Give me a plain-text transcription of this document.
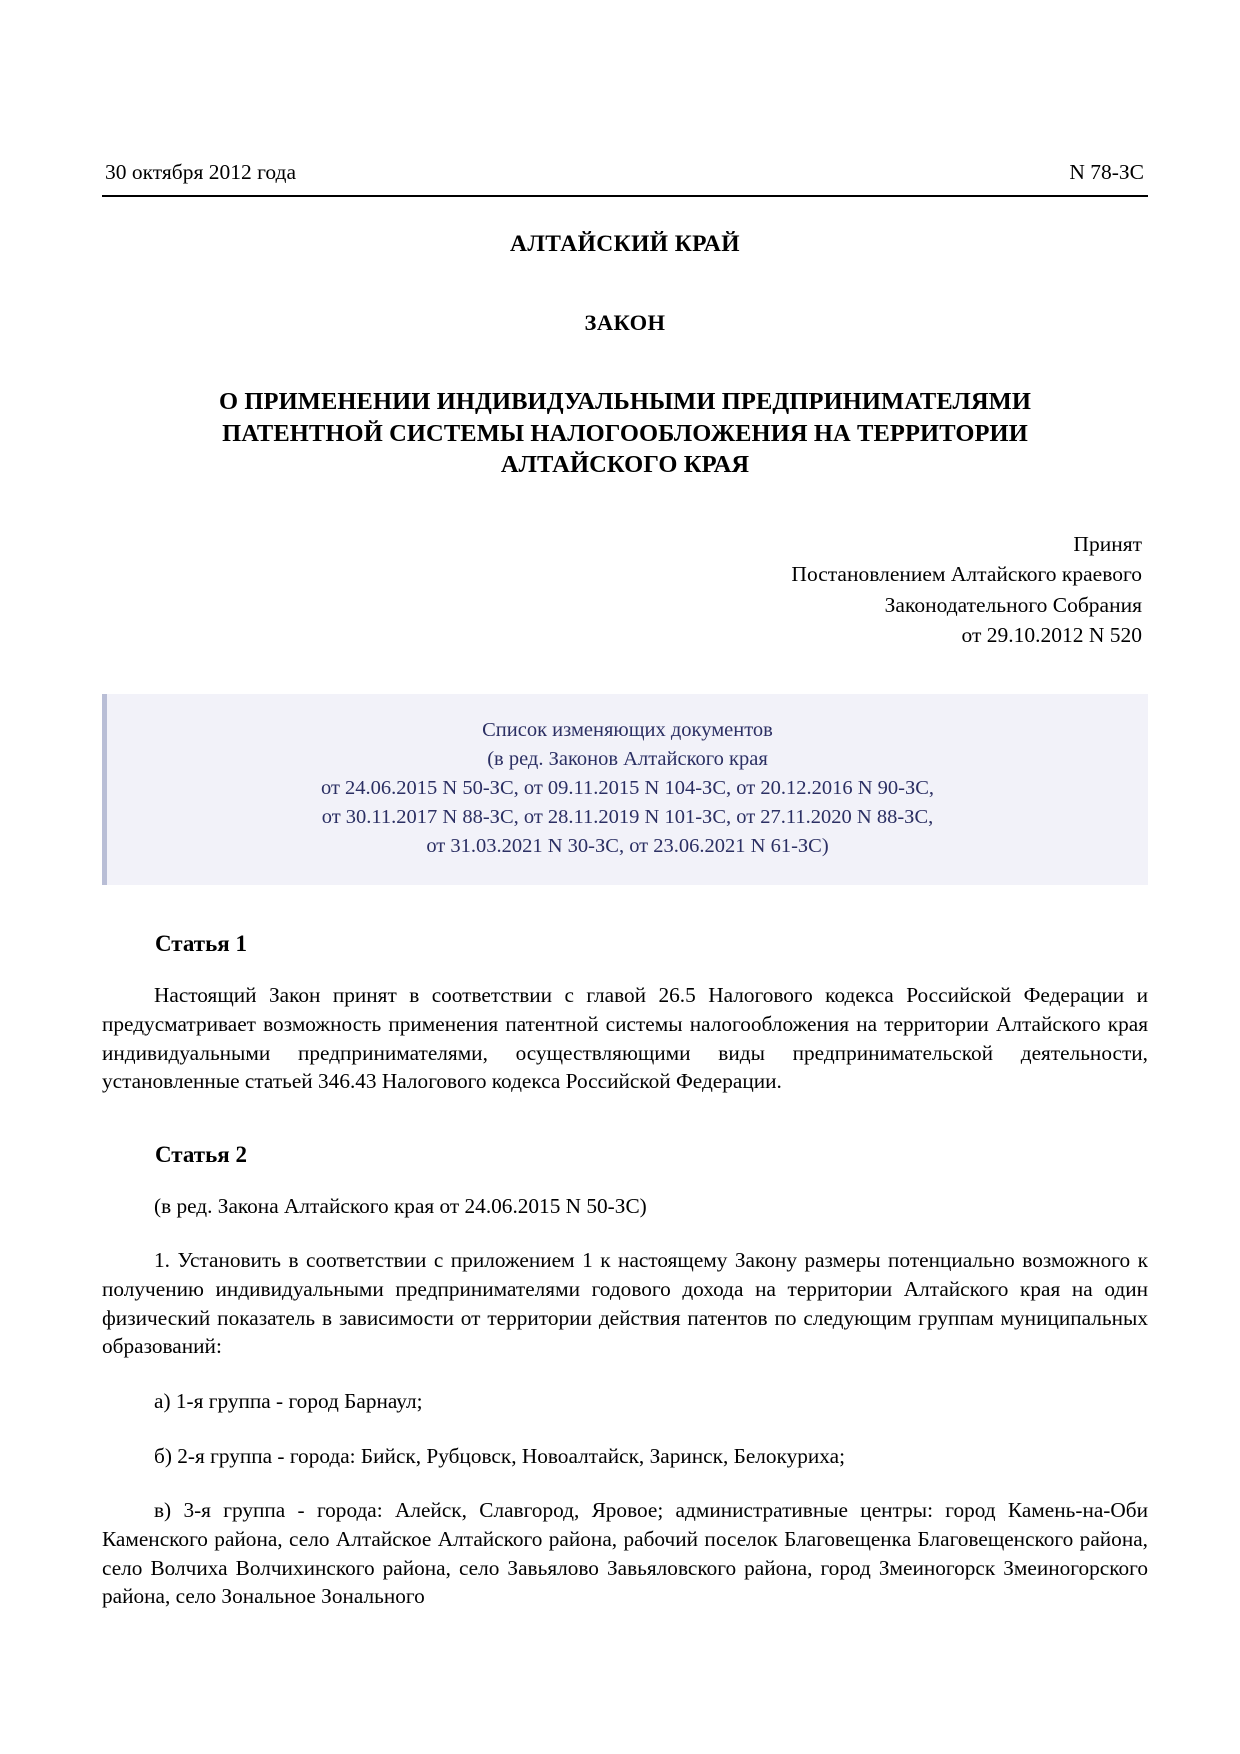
30 октября 2012 года	N 78-ЗС
АЛТАЙСКИЙ КРАЙ
ЗАКОН
О ПРИМЕНЕНИИ ИНДИВИДУАЛЬНЫМИ ПРЕДПРИНИМАТЕЛЯМИ ПАТЕНТНОЙ СИСТЕМЫ НАЛОГООБЛОЖЕНИЯ НА ТЕРРИТОРИИ АЛТАЙСКОГО КРАЯ
Принят
Постановлением Алтайского краевого
Законодательного Собрания
от 29.10.2012 N 520
Список изменяющих документов
(в ред. Законов Алтайского края
от 24.06.2015 N 50-ЗС, от 09.11.2015 N 104-ЗС, от 20.12.2016 N 90-ЗС,
от 30.11.2017 N 88-ЗС, от 28.11.2019 N 101-ЗС, от 27.11.2020 N 88-ЗС,
от 31.03.2021 N 30-ЗС, от 23.06.2021 N 61-ЗС)
Статья 1

Настоящий Закон принят в соответствии с главой 26.5 Налогового кодекса Российской Федерации и предусматривает возможность применения патентной системы налогообложения на территории Алтайского края индивидуальными предпринимателями, осуществляющими виды предпринимательской деятельности, установленные статьей 346.43 Налогового кодекса Российской Федерации.

Статья 2

(в ред. Закона Алтайского края от 24.06.2015 N 50-ЗС)

1. Установить в соответствии с приложением 1 к настоящему Закону размеры потенциально возможного к получению индивидуальными предпринимателями годового дохода на территории Алтайского края на один физический показатель в зависимости от территории действия патентов по следующим группам муниципальных образований:

а) 1-я группа - город Барнаул;

б) 2-я группа - города: Бийск, Рубцовск, Новоалтайск, Заринск, Белокуриха;

в) 3-я группа - города: Алейск, Славгород, Яровое; административные центры: город Камень-на-Оби Каменского района, село Алтайское Алтайского района, рабочий поселок Благовещенка Благовещенского района, село Волчиха Волчихинского района, село Завьялово Завьяловского района, город Змеиногорск Змеиногорского района, село Зональное Зонального
